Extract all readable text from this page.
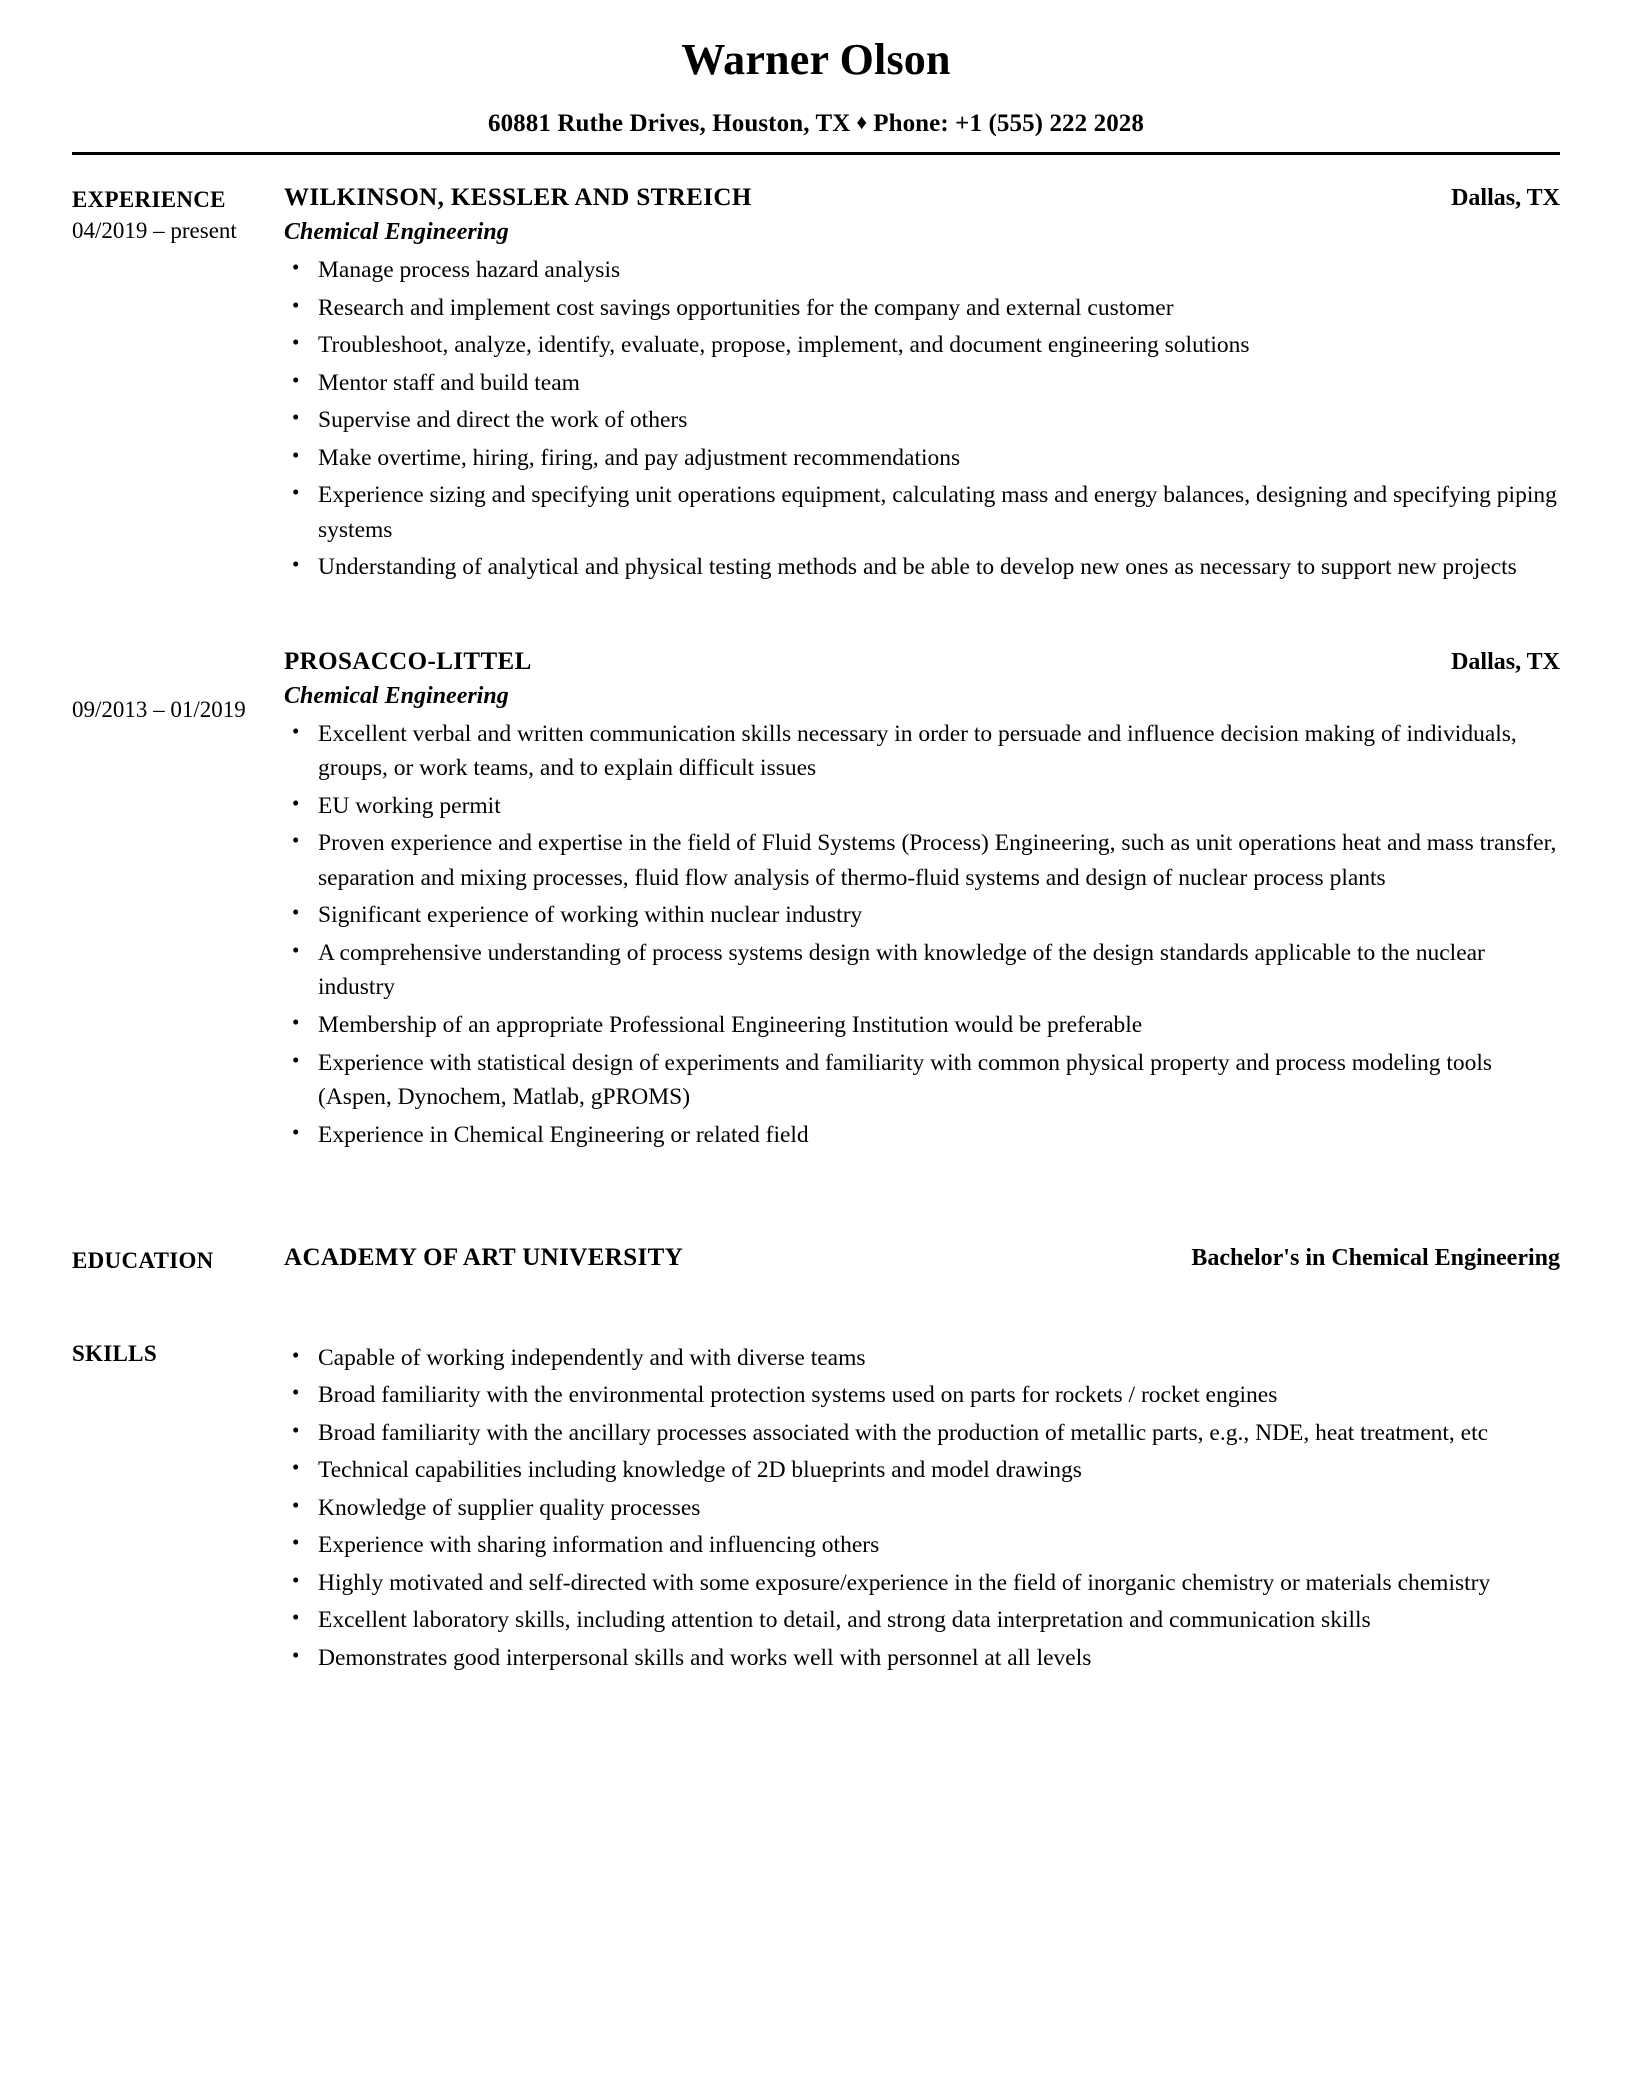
Warner Olson
60881 Ruthe Drives, Houston, TX ♦ Phone: +1 (555) 222 2028
EXPERIENCE
04/2019 – present
WILKINSON, KESSLER AND STREICH	Dallas, TX
Chemical Engineering
• Manage process hazard analysis
• Research and implement cost savings opportunities for the company and external customer
• Troubleshoot, analyze, identify, evaluate, propose, implement, and document engineering solutions
• Mentor staff and build team
• Supervise and direct the work of others
• Make overtime, hiring, firing, and pay adjustment recommendations
• Experience sizing and specifying unit operations equipment, calculating mass and energy balances, designing and specifying piping systems
• Understanding of analytical and physical testing methods and be able to develop new ones as necessary to support new projects
09/2013 – 01/2019
PROSACCO-LITTEL	Dallas, TX
Chemical Engineering
• Excellent verbal and written communication skills necessary in order to persuade and influence decision making of individuals, groups, or work teams, and to explain difficult issues
• EU working permit
• Proven experience and expertise in the field of Fluid Systems (Process) Engineering, such as unit operations heat and mass transfer, separation and mixing processes, fluid flow analysis of thermo-fluid systems and design of nuclear process plants
• Significant experience of working within nuclear industry
• A comprehensive understanding of process systems design with knowledge of the design standards applicable to the nuclear industry
• Membership of an appropriate Professional Engineering Institution would be preferable
• Experience with statistical design of experiments and familiarity with common physical property and process modeling tools (Aspen, Dynochem, Matlab, gPROMS)
• Experience in Chemical Engineering or related field
EDUCATION	ACADEMY OF ART UNIVERSITY	Bachelor's in Chemical Engineering
SKILLS	• Capable of working independently and with diverse teams
• Broad familiarity with the environmental protection systems used on parts for rockets / rocket engines
• Broad familiarity with the ancillary processes associated with the production of metallic parts, e.g., NDE, heat treatment, etc
• Technical capabilities including knowledge of 2D blueprints and model drawings
• Knowledge of supplier quality processes
• Experience with sharing information and influencing others
• Highly motivated and self-directed with some exposure/experience in the field of inorganic chemistry or materials chemistry
• Excellent laboratory skills, including attention to detail, and strong data interpretation and communication skills
• Demonstrates good interpersonal skills and works well with personnel at all levels
